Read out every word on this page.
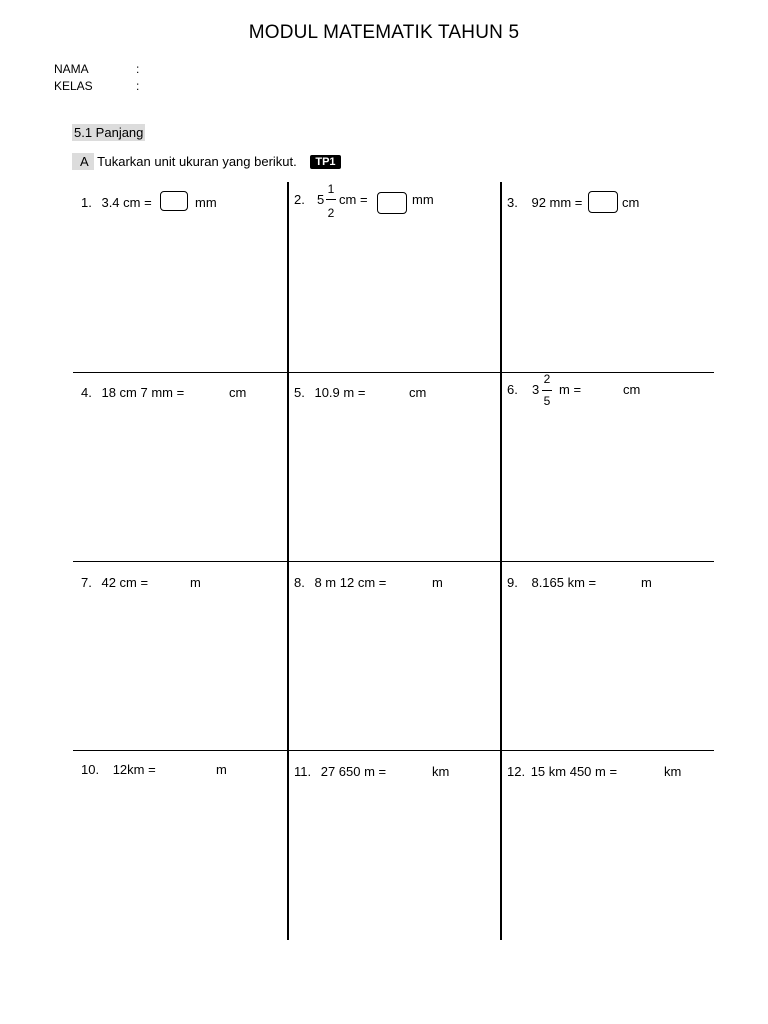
MODUL MATEMATIK TAHUN 5
NAMA	:
KELAS	:
5.1 Panjang
A Tukarkan unit ukuran yang berikut. TP1
1. 3.4 cm =	mm	2. 5
1
2
cm =	mm	3. 92 mm =	cm
4. 18 cm 7 mm =	cm	5. 10.9 m =	cm	6. 3
2
5
m =	cm
7. 42 cm =	m	8. 8 m 12 cm =	m	9. 8.165 km =	m
10. 12km =	m	11. 27 650 m =	km	12. 15 km 450 m =	km
